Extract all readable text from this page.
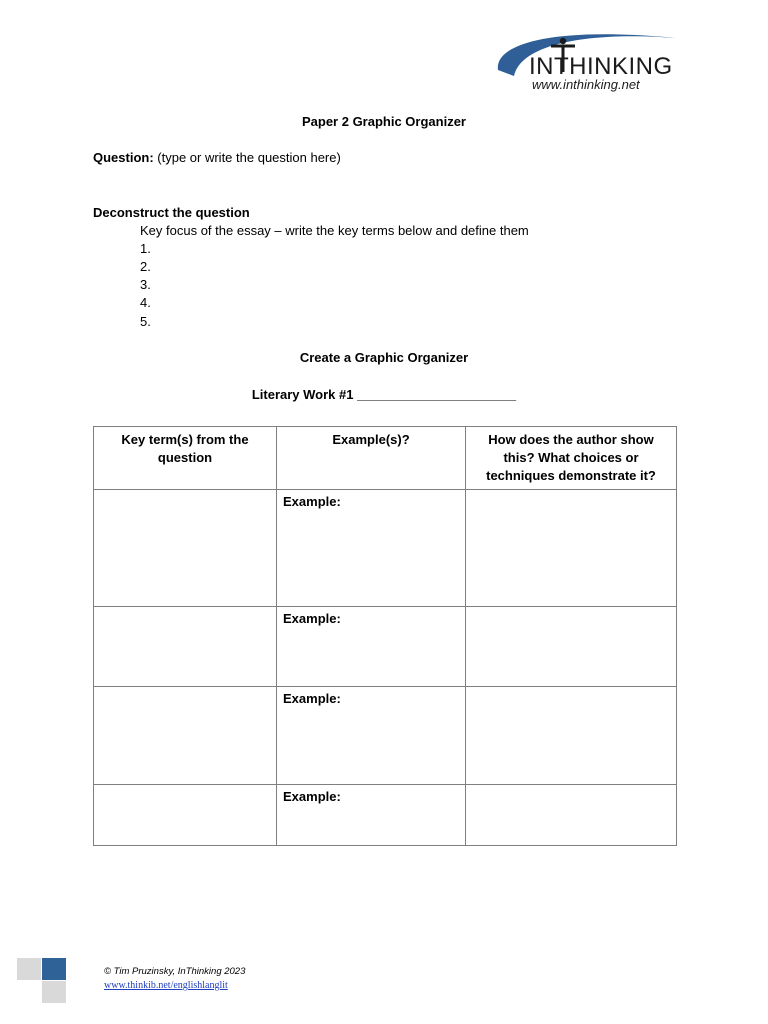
INTHINKING
www.inthinking.net
Paper 2 Graphic Organizer
Question: (type or write the question here)
Deconstruct the question
Key focus of the essay – write the key terms below and define them
1.
2.
3.
4.
5.
Create a Graphic Organizer
Literary Work #1 ______________________
Key term(s) from the question	Example(s)?	How does the author show this? What choices or techniques demonstrate it?

	Example:	

	Example:	

	Example:	

	Example:	

© Tim Pruzinsky, InThinking 2023
www.thinkib.net/englishlanglit
